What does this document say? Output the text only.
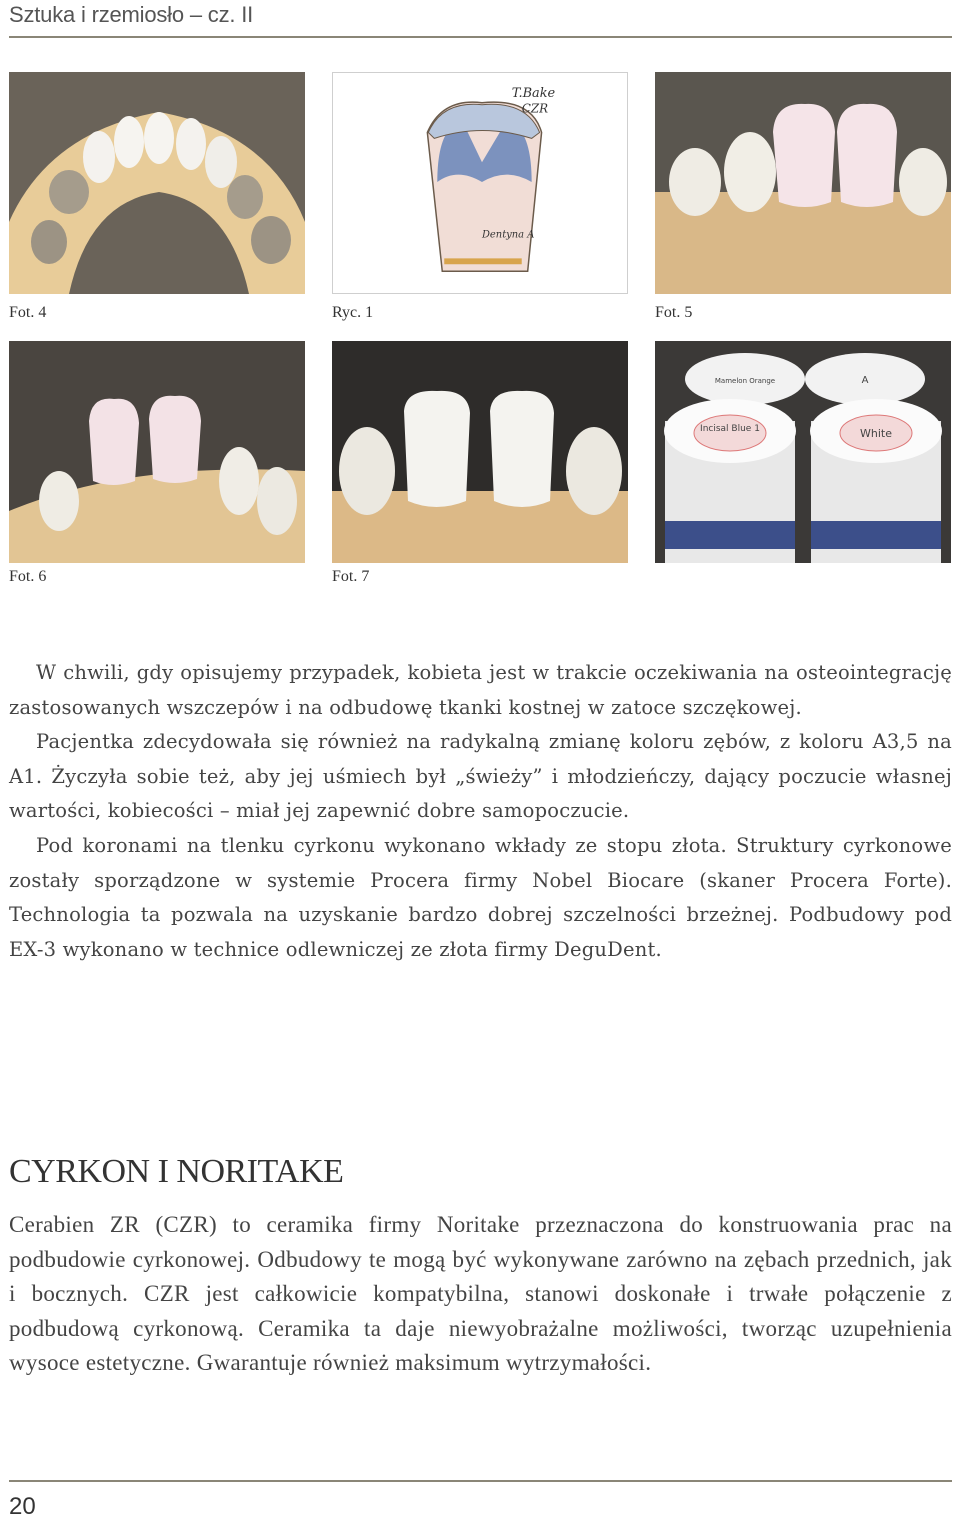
Sztuka i rzemiosło – cz. II
Fot. 4
T.Bake
CZR
Dentyna A
Ryc. 1	Fot. 5
Fot. 6	Fot. 7
Incisal Blue 1	White
A
Mamelon Orange

W chwili, gdy opisujemy przypadek, kobieta jest w trakcie oczekiwania na osteointegrację zastosowanych wszczepów i na odbudowę tkanki kostnej w zatoce szczękowej.

Pacjentka zdecydowała się również na radykalną zmianę koloru zębów, z koloru A3,5 na A1. Życzyła sobie też, aby jej uśmiech był „świeży” i młodzieńczy, dający poczucie własnej wartości, kobiecości – miał jej zapewnić dobre samopoczucie.

Pod koronami na tlenku cyrkonu wykonano wkłady ze stopu złota. Struktury cyrkonowe zostały sporządzone w systemie Procera firmy Nobel Biocare (skaner Procera Forte). Technologia ta pozwala na uzyskanie bardzo dobrej szczelności brzeżnej. Podbudowy pod EX-3 wykonano w technice odlewniczej ze złota firmy DeguDent.

CYRKON I NORITAKE

Cerabien ZR (CZR) to ceramika firmy Noritake przeznaczona do konstruowania prac na podbudowie cyrkonowej. Odbudowy te mogą być wykonywane zarówno na zębach przednich, jak i bocznych. CZR jest całkowicie kompatybilna, stanowi doskonałe i trwałe połączenie z podbudową cyrkonową. Ceramika ta daje niewyobrażalne możliwości, tworząc uzupełnienia wysoce estetyczne. Gwarantuje również maksimum wytrzymałości.

20
